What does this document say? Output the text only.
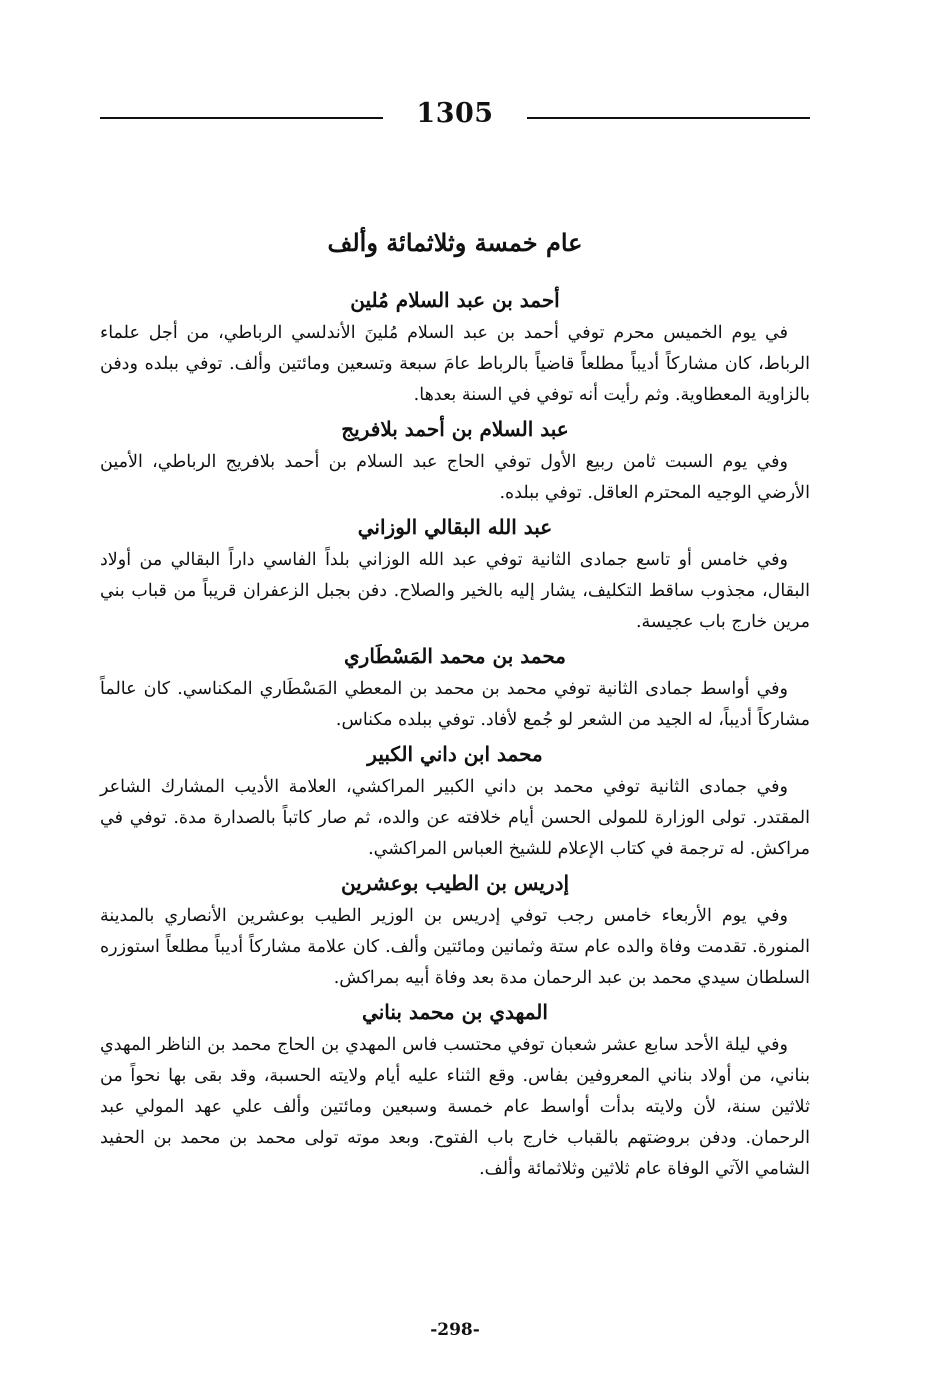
1305
عام خمسة وثلاثمائة وألف
أحمد بن عبد السلام مُلين

في يوم الخميس محرم توفي أحمد بن عبد السلام مُلينَ الأندلسي الرباطي، من أجل علماء الرباط، كان مشاركاً أديباً مطلعاً قاضياً بالرباط عامَ سبعة وتسعين ومائتين وألف. توفي ببلده ودفن بالزاوية المعطاوية. وثم رأيت أنه توفي في السنة بعدها.

عبد السلام بن أحمد بلافريج

وفي يوم السبت ثامن ربيع الأول توفي الحاج عبد السلام بن أحمد بلافريج الرباطي، الأمين الأرضي الوجيه المحترم العاقل. توفي ببلده.

عبد الله البقالي الوزاني

وفي خامس أو تاسع جمادى الثانية توفي عبد الله الوزاني بلداً الفاسي داراً البقالي من أولاد البقال، مجذوب ساقط التكليف، يشار إليه بالخير والصلاح. دفن بجبل الزعفران قريباً من قباب بني مرين خارج باب عجيسة.

محمد بن محمد المَسْطَاري

وفي أواسط جمادى الثانية توفي محمد بن محمد بن المعطي المَسْطَاري المكناسي. كان عالماً مشاركاً أديباً، له الجيد من الشعر لو جُمع لأفاد. توفي ببلده مكناس.

محمد ابن داني الكبير

وفي جمادى الثانية توفي محمد بن داني الكبير المراكشي، العلامة الأديب المشارك الشاعر المقتدر. تولى الوزارة للمولى الحسن أيام خلافته عن والده، ثم صار كاتباً بالصدارة مدة. توفي في مراكش. له ترجمة في كتاب الإعلام للشيخ العباس المراكشي.

إدريس بن الطيب بوعشرين

وفي يوم الأربعاء خامس رجب توفي إدريس بن الوزير الطيب بوعشرين الأنصاري بالمدينة المنورة. تقدمت وفاة والده عام ستة وثمانين ومائتين وألف. كان علامة مشاركاً أديباً مطلعاً استوزره السلطان سيدي محمد بن عبد الرحمان مدة بعد وفاة أبيه بمراكش.

المهدي بن محمد بناني

وفي ليلة الأحد سابع عشر شعبان توفي محتسب فاس المهدي بن الحاج محمد بن الناظر المهدي بناني، من أولاد بناني المعروفين بفاس. وقع الثناء عليه أيام ولايته الحسبة، وقد بقى بها نحواً من ثلاثين سنة، لأن ولايته بدأت أواسط عام خمسة وسبعين ومائتين وألف علي عهد المولي عبد الرحمان. ودفن بروضتهم بالقباب خارج باب الفتوح. وبعد موته تولى محمد بن محمد بن الحفيد الشامي الآتي الوفاة عام ثلاثين وثلاثمائة وألف.

-298-
